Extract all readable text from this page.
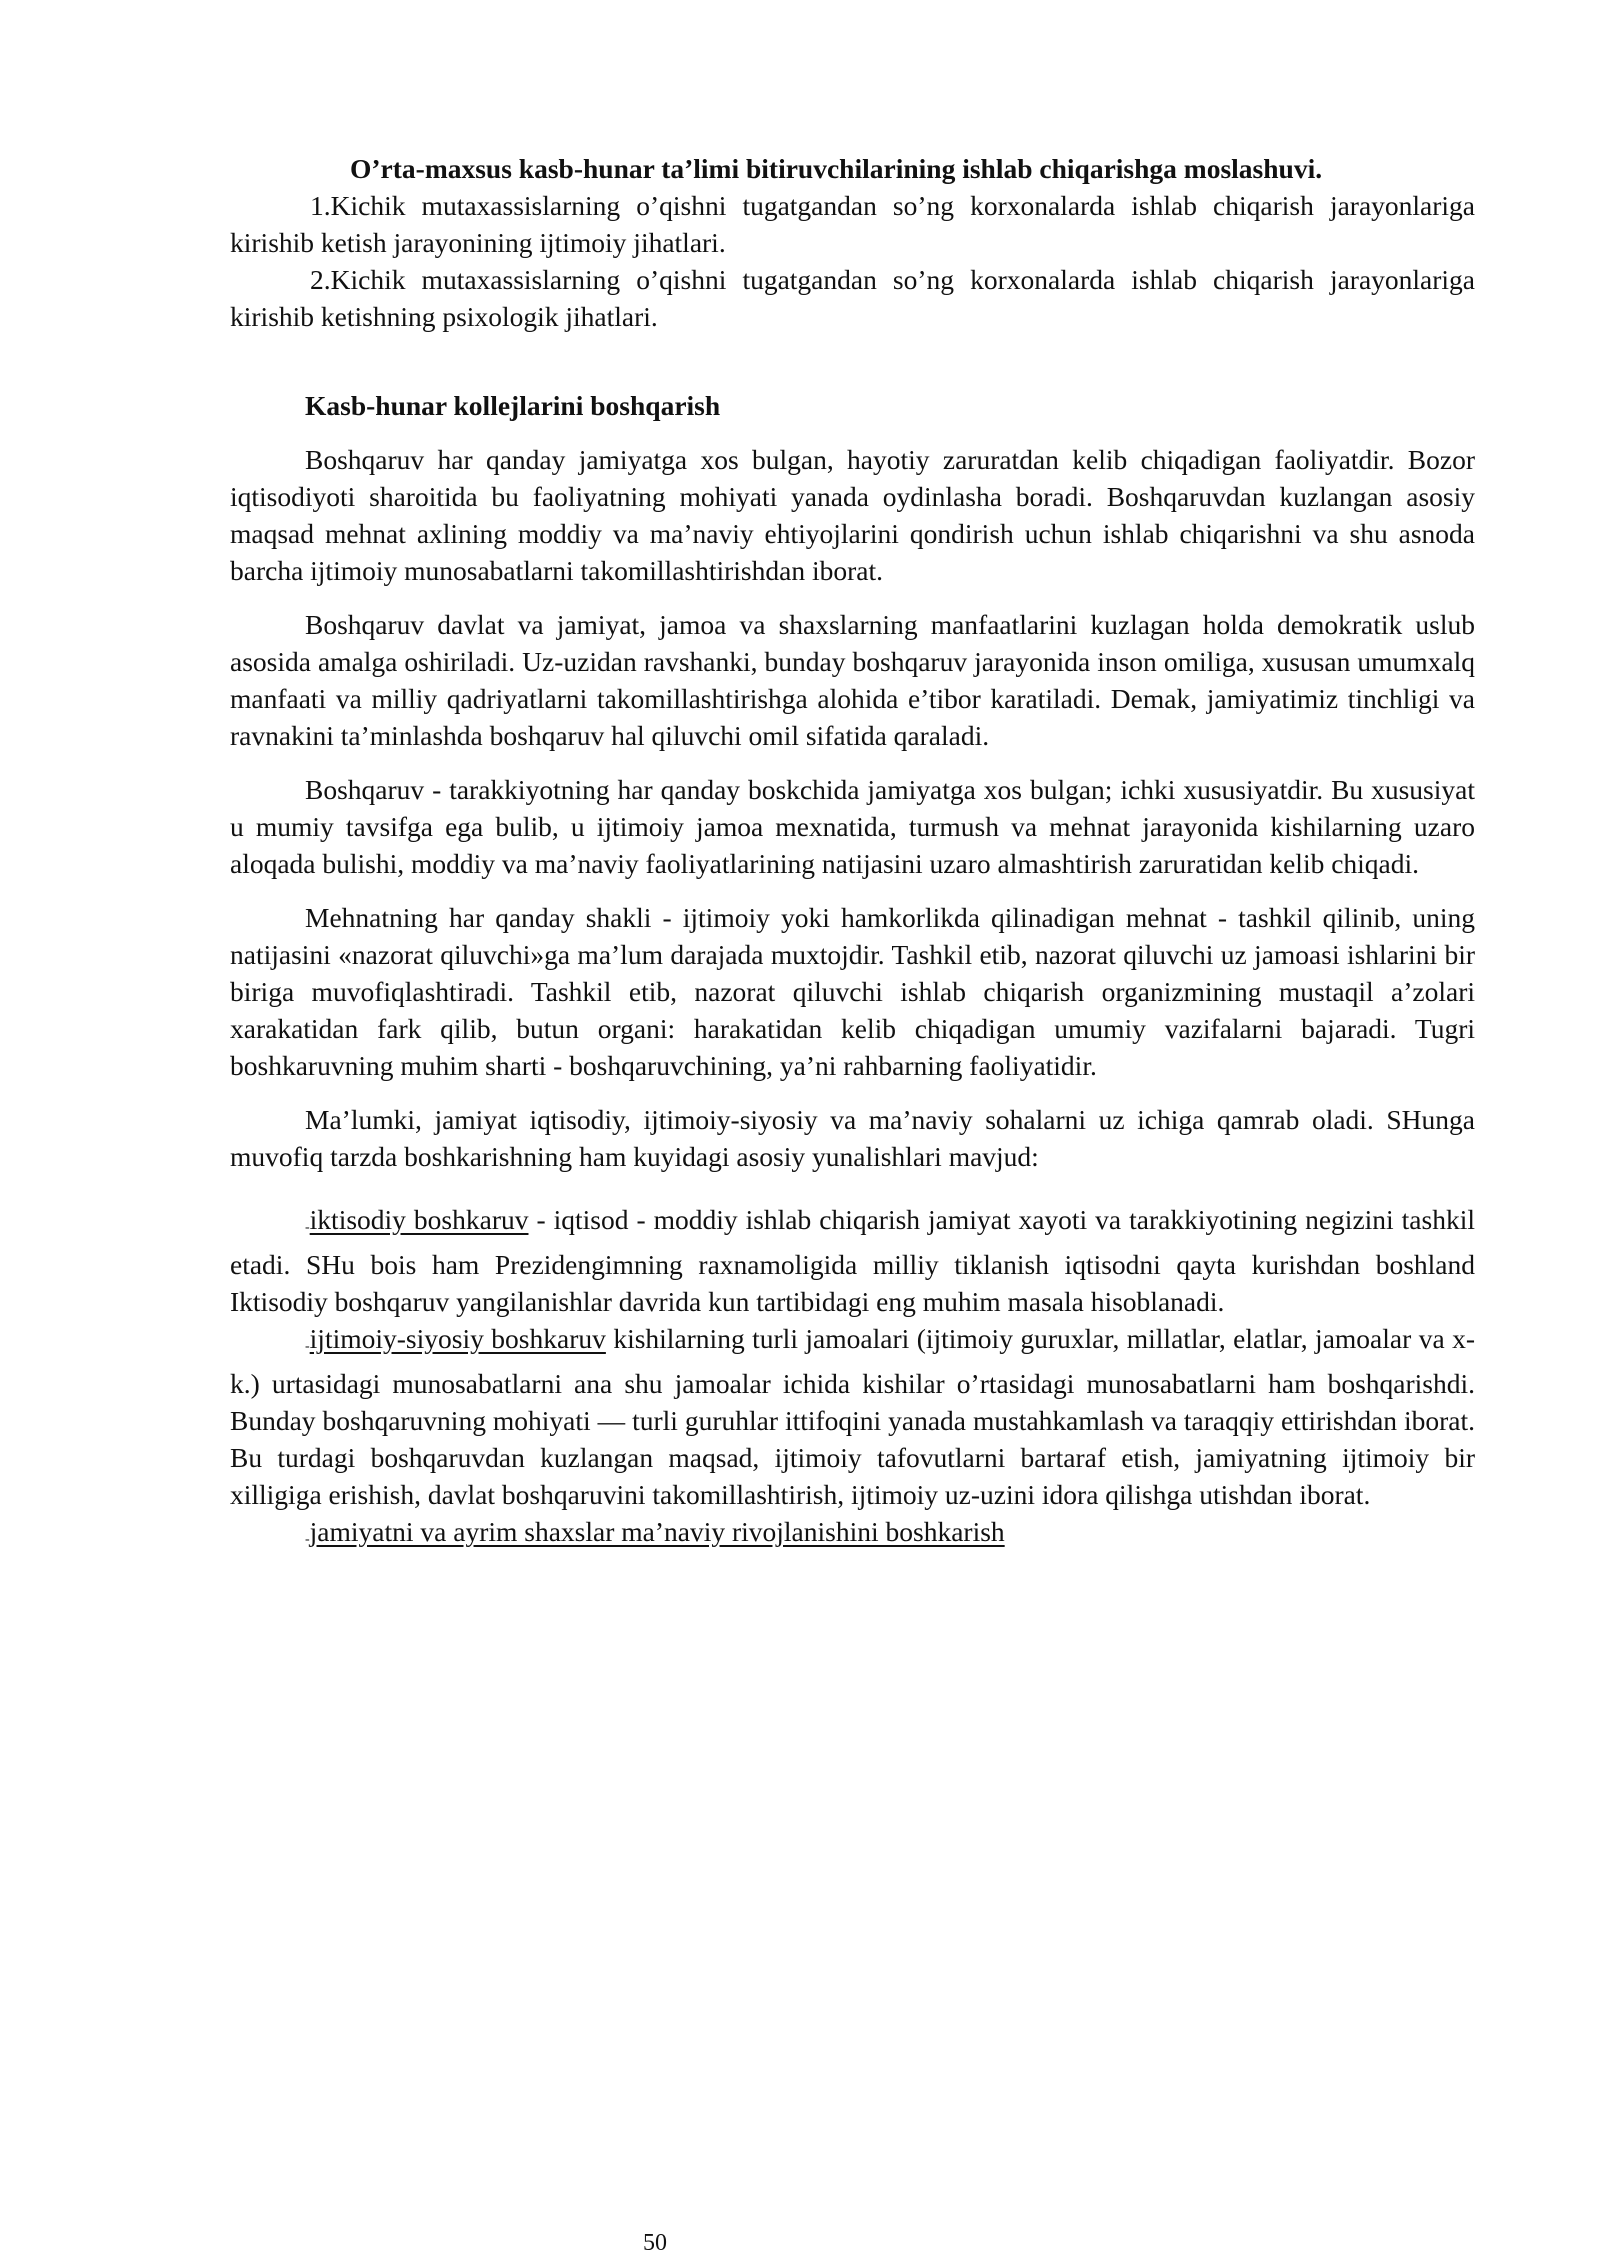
O’rta-maxsus kasb-hunar ta’limi bitiruvchilarining ishlab chiqarishga moslashuvi.

1.Kichik mutaxassislarning o’qishni tugatgandan so’ng korxonalarda ishlab chiqarish jarayonlariga kirishib ketish jarayonining ijtimoiy jihatlari.

2.Kichik mutaxassislarning o’qishni tugatgandan so’ng korxonalarda ishlab chiqarish jarayonlariga kirishib ketishning psixologik jihatlari.

Kasb-hunar kollejlarini boshqarish

Boshqaruv har qanday jamiyatga xos bulgan, hayotiy zaruratdan kelib chiqadigan faoliyatdir. Bozor iqtisodiyoti sharoitida bu faoliyatning mohiyati yanada oydinlasha boradi. Boshqaruvdan kuzlangan asosiy maqsad mehnat axlining moddiy va ma’naviy ehtiyojlarini qondirish uchun ishlab chiqarishni va shu asnoda barcha ijtimoiy munosabatlarni takomillashtirishdan iborat.

Boshqaruv davlat va jamiyat, jamoa va shaxslarning manfaatlarini kuzlagan holda demokratik uslub asosida amalga oshiriladi. Uz-uzidan ravshanki, bunday boshqaruv jarayonida inson omiliga, xususan umumxalq manfaati va milliy qadriyatlarni takomillashtirishga alohida e’tibor karatiladi. Demak, jamiyatimiz tinchligi va ravnakini ta’minlashda boshqaruv hal qiluvchi omil sifatida qaraladi.

Boshqaruv - tarakkiyotning har qanday boskchida jamiyatga xos bulgan; ichki xususiyatdir. Bu xususiyat u mumiy tavsifga ega bulib, u ijtimoiy jamoa mexnatida, turmush va mehnat jarayonida kishilarning uzaro aloqada bulishi, moddiy va ma’naviy faoliyatlarining natijasini uzaro almashtirish zaruratidan kelib chiqadi.

Mehnatning har qanday shakli - ijtimoiy yoki hamkorlikda qilinadigan mehnat - tashkil qilinib, uning natijasini «nazorat qiluvchi»ga ma’lum darajada muxtojdir. Tashkil etib, nazorat qiluvchi uz jamoasi ishlarini bir biriga muvofiqlashtiradi. Tashkil etib, nazorat qiluvchi ishlab chiqarish organizmining mustaqil a’zolari xarakatidan fark qilib, butun organi: harakatidan kelib chiqadigan umumiy vazifalarni bajaradi. Tugri boshkaruvning muhim sharti - boshqaruvchining, ya’ni rahbarning faoliyatidir.

Ma’lumki, jamiyat iqtisodiy, ijtimoiy-siyosiy va ma’naviy sohalarni uz ichiga qamrab oladi. SHunga muvofiq tarzda boshkarishning ham kuyidagi asosiy yunalishlari mavjud:

-iktisodiy boshkaruv - iqtisod - moddiy ishlab chiqarish jamiyat xayoti va tarakkiyotining negizini tashkil etadi. SHu bois ham Prezidengimning raxnamoligida milliy tiklanish iqtisodni qayta kurishdan boshland Iktisodiy boshqaruv yangilanishlar davrida kun tartibidagi eng muhim masala hisoblanadi.

-ijtimoiy-siyosiy boshkaruv kishilarning turli jamoalari (ijtimoiy guruxlar, millatlar, elatlar, jamoalar va x-k.) urtasidagi munosabatlarni ana shu jamoalar ichida kishilar o’rtasidagi munosabatlarni ham boshqarishdi. Bunday boshqaruvning mohiyati — turli guruhlar ittifoqini yanada mustahkamlash va taraqqiy ettirishdan iborat. Bu turdagi boshqaruvdan kuzlangan maqsad, ijtimoiy tafovutlarni bartaraf etish, jamiyatning ijtimoiy bir xilligiga erishish, davlat boshqaruvini takomillashtirish, ijtimoiy uz-uzini idora qilishga utishdan iborat.

-jamiyatni va ayrim shaxslar ma’naviy rivojlanishini boshkarish

50
